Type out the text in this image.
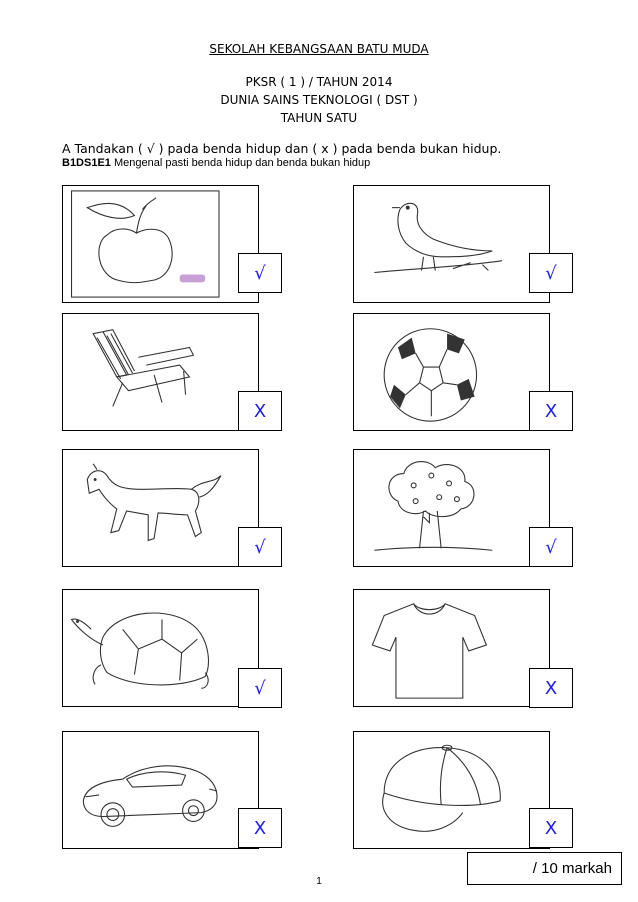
SEKOLAH KEBANGSAAN BATU MUDA
PKSR ( 1 ) / TAHUN 2014
DUNIA SAINS TEKNOLOGI ( DST )
TAHUN SATU
A Tandakan ( √ ) pada benda hidup dan ( x ) pada benda bukan hidup.
B1DS1E1 Mengenal pasti benda hidup dan benda bukan hidup
√	√
X	X
√	√
√	X
X	X
/ 10 markah
1
